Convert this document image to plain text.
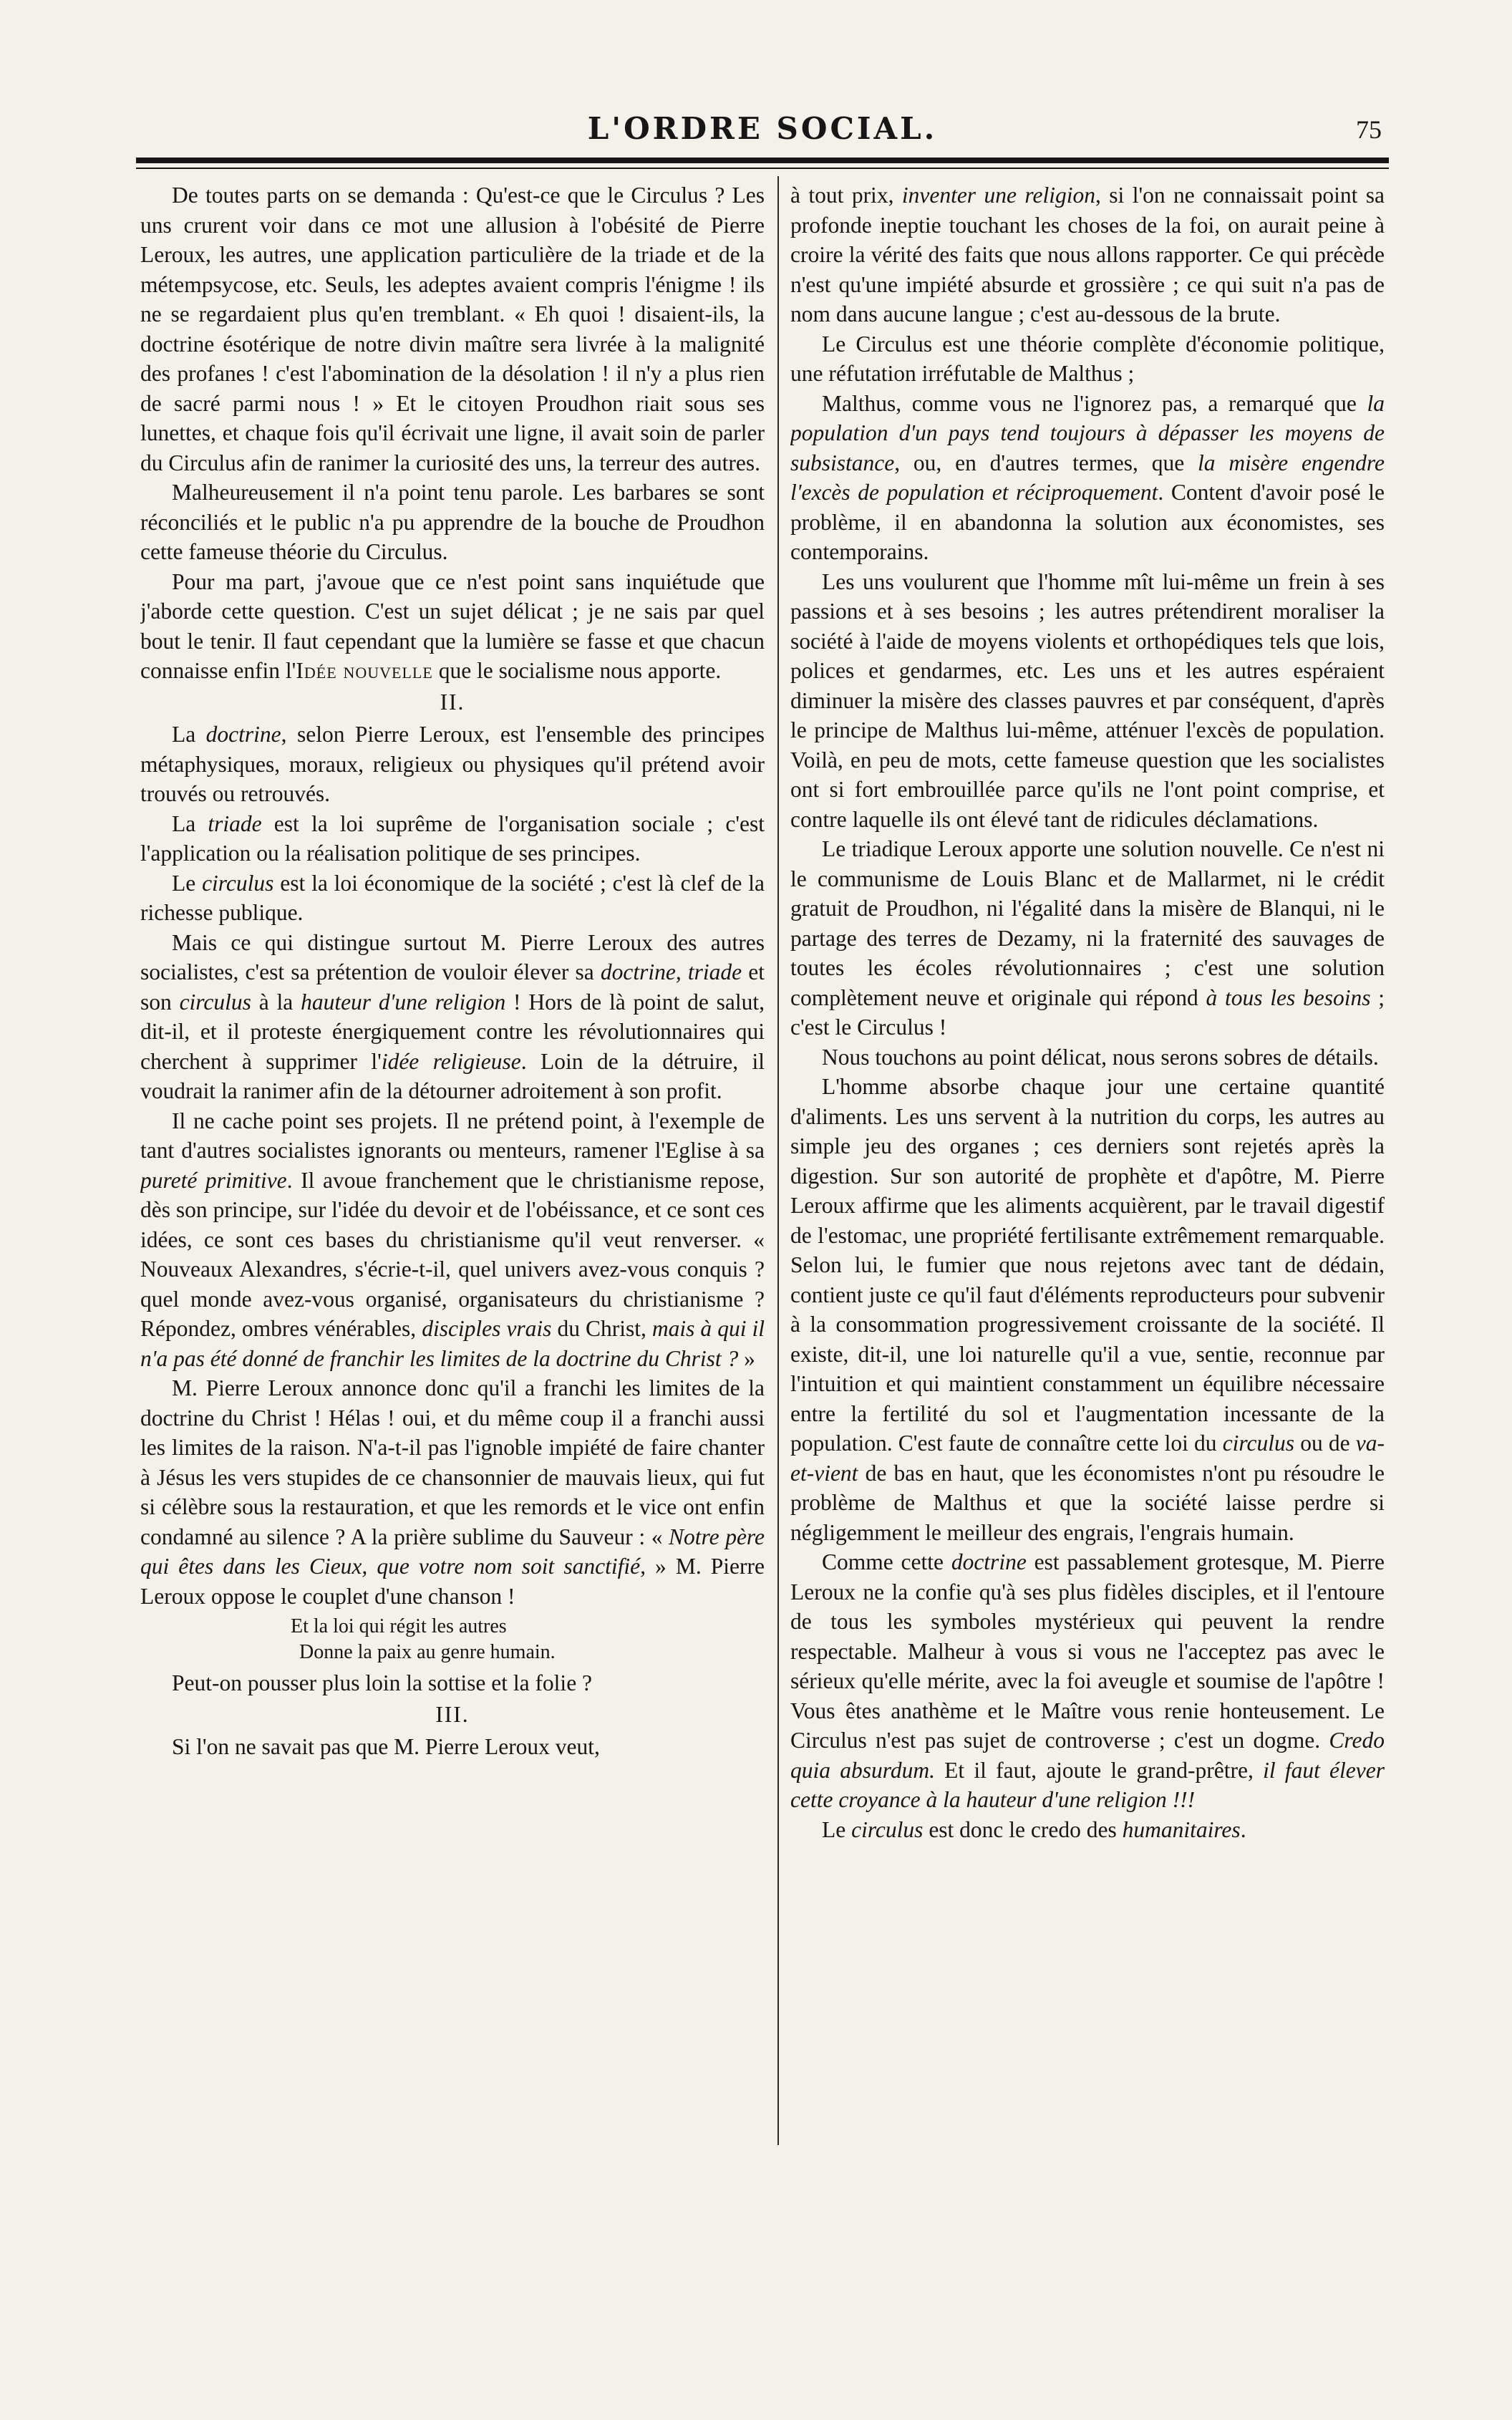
L'ORDRE SOCIAL.	75

De toutes parts on se demanda : Qu'est-ce que le Circulus ? Les uns crurent voir dans ce mot une allusion à l'obésité de Pierre Leroux, les autres, une application particulière de la triade et de la métempsycose, etc. Seuls, les adeptes avaient compris l'énigme ! ils ne se regardaient plus qu'en tremblant. « Eh quoi ! disaient-ils, la doctrine ésotérique de notre divin maître sera livrée à la malignité des profanes ! c'est l'abomination de la désolation ! il n'y a plus rien de sacré parmi nous ! » Et le citoyen Proudhon riait sous ses lunettes, et chaque fois qu'il écrivait une ligne, il avait soin de parler du Circulus afin de ranimer la curiosité des uns, la terreur des autres.

Malheureusement il n'a point tenu parole. Les barbares se sont réconciliés et le public n'a pu apprendre de la bouche de Proudhon cette fameuse théorie du Circulus.

Pour ma part, j'avoue que ce n'est point sans inquiétude que j'aborde cette question. C'est un sujet délicat ; je ne sais par quel bout le tenir. Il faut cependant que la lumière se fasse et que chacun connaisse enfin l'Idée nouvelle que le socialisme nous apporte.

II.

La doctrine, selon Pierre Leroux, est l'ensemble des principes métaphysiques, moraux, religieux ou physiques qu'il prétend avoir trouvés ou retrouvés.

La triade est la loi suprême de l'organisation sociale ; c'est l'application ou la réalisation politique de ses principes.

Le circulus est la loi économique de la société ; c'est là clef de la richesse publique.

Mais ce qui distingue surtout M. Pierre Leroux des autres socialistes, c'est sa prétention de vouloir élever sa doctrine, triade et son circulus à la hauteur d'une religion ! Hors de là point de salut, dit-il, et il proteste énergiquement contre les révolutionnaires qui cherchent à supprimer l'idée religieuse. Loin de la détruire, il voudrait la ranimer afin de la détourner adroitement à son profit.

Il ne cache point ses projets. Il ne prétend point, à l'exemple de tant d'autres socialistes ignorants ou menteurs, ramener l'Eglise à sa pureté primitive. Il avoue franchement que le christianisme repose, dès son principe, sur l'idée du devoir et de l'obéissance, et ce sont ces idées, ce sont ces bases du christianisme qu'il veut renverser. « Nouveaux Alexandres, s'écrie-t-il, quel univers avez-vous conquis ? quel monde avez-vous organisé, organisateurs du christianisme ? Répondez, ombres vénérables, disciples vrais du Christ, mais à qui il n'a pas été donné de franchir les limites de la doctrine du Christ ? »

M. Pierre Leroux annonce donc qu'il a franchi les limites de la doctrine du Christ ! Hélas ! oui, et du même coup il a franchi aussi les limites de la raison. N'a-t-il pas l'ignoble impiété de faire chanter à Jésus les vers stupides de ce chansonnier de mauvais lieux, qui fut si célèbre sous la restauration, et que les remords et le vice ont enfin condamné au silence ? A la prière sublime du Sauveur : « Notre père qui êtes dans les Cieux, que votre nom soit sanctifié, » M. Pierre Leroux oppose le couplet d'une chanson !

Et la loi qui régit les autres
Donne la paix au genre humain.

Peut-on pousser plus loin la sottise et la folie ?

III.

Si l'on ne savait pas que M. Pierre Leroux veut,

à tout prix, inventer une religion, si l'on ne connaissait point sa profonde ineptie touchant les choses de la foi, on aurait peine à croire la vérité des faits que nous allons rapporter. Ce qui précède n'est qu'une impiété absurde et grossière ; ce qui suit n'a pas de nom dans aucune langue ; c'est au-dessous de la brute.

Le Circulus est une théorie complète d'économie politique, une réfutation irréfutable de Malthus ;

Malthus, comme vous ne l'ignorez pas, a remarqué que la population d'un pays tend toujours à dépasser les moyens de subsistance, ou, en d'autres termes, que la misère engendre l'excès de population et réciproquement. Content d'avoir posé le problème, il en abandonna la solution aux économistes, ses contemporains.

Les uns voulurent que l'homme mît lui-même un frein à ses passions et à ses besoins ; les autres prétendirent moraliser la société à l'aide de moyens violents et orthopédiques tels que lois, polices et gendarmes, etc. Les uns et les autres espéraient diminuer la misère des classes pauvres et par conséquent, d'après le principe de Malthus lui-même, atténuer l'excès de population. Voilà, en peu de mots, cette fameuse question que les socialistes ont si fort embrouillée parce qu'ils ne l'ont point comprise, et contre laquelle ils ont élevé tant de ridicules déclamations.

Le triadique Leroux apporte une solution nouvelle. Ce n'est ni le communisme de Louis Blanc et de Mallarmet, ni le crédit gratuit de Proudhon, ni l'égalité dans la misère de Blanqui, ni le partage des terres de Dezamy, ni la fraternité des sauvages de toutes les écoles révolutionnaires ; c'est une solution complètement neuve et originale qui répond à tous les besoins ; c'est le Circulus !

Nous touchons au point délicat, nous serons sobres de détails.

L'homme absorbe chaque jour une certaine quantité d'aliments. Les uns servent à la nutrition du corps, les autres au simple jeu des organes ; ces derniers sont rejetés après la digestion. Sur son autorité de prophète et d'apôtre, M. Pierre Leroux affirme que les aliments acquièrent, par le travail digestif de l'estomac, une propriété fertilisante extrêmement remarquable. Selon lui, le fumier que nous rejetons avec tant de dédain, contient juste ce qu'il faut d'éléments reproducteurs pour subvenir à la consommation progressivement croissante de la société. Il existe, dit-il, une loi naturelle qu'il a vue, sentie, reconnue par l'intuition et qui maintient constamment un équilibre nécessaire entre la fertilité du sol et l'augmentation incessante de la population. C'est faute de connaître cette loi du circulus ou de va-et-vient de bas en haut, que les économistes n'ont pu résoudre le problème de Malthus et que la société laisse perdre si négligemment le meilleur des engrais, l'engrais humain.

Comme cette doctrine est passablement grotesque, M. Pierre Leroux ne la confie qu'à ses plus fidèles disciples, et il l'entoure de tous les symboles mystérieux qui peuvent la rendre respectable. Malheur à vous si vous ne l'acceptez pas avec le sérieux qu'elle mérite, avec la foi aveugle et soumise de l'apôtre ! Vous êtes anathème et le Maître vous renie honteusement. Le Circulus n'est pas sujet de controverse ; c'est un dogme. Credo quia absurdum. Et il faut, ajoute le grand-prêtre, il faut élever cette croyance à la hauteur d'une religion !!!

Le circulus est donc le credo des humanitaires.
